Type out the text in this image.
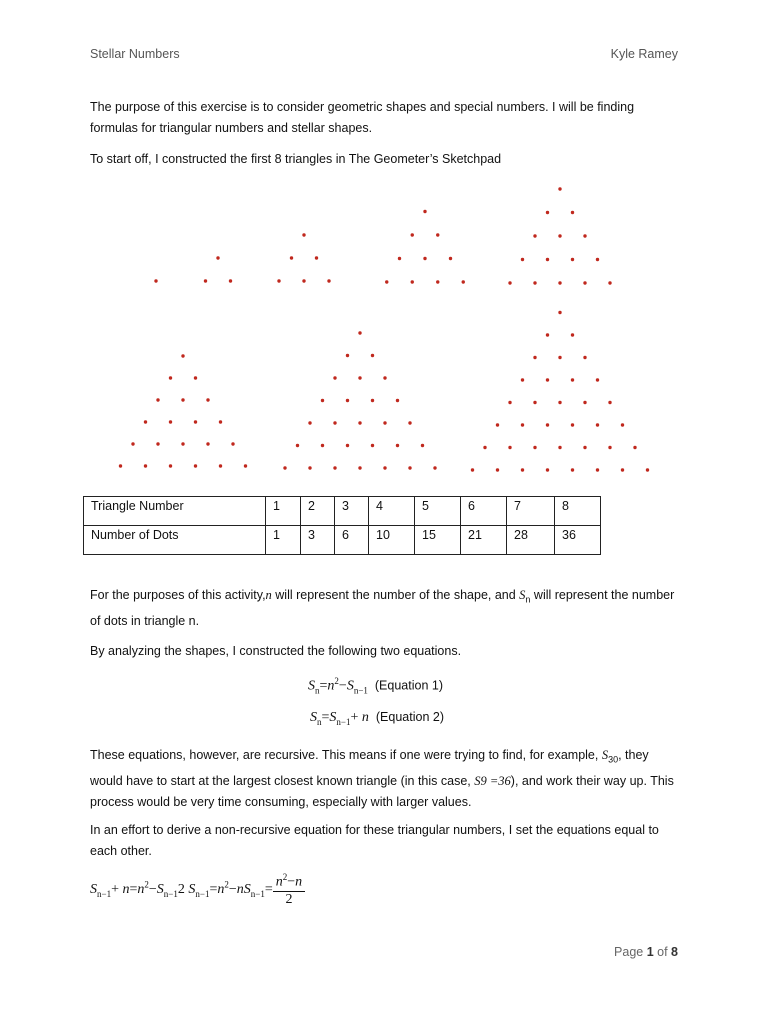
Stellar Numbers	Kyle Ramey
The purpose of this exercise is to consider geometric shapes and special numbers. I will be finding formulas for triangular numbers and stellar shapes.
To start off, I constructed the first 8 triangles in The Geometer’s Sketchpad
Triangle Number	1	2	3	4	5	6	7	8
Number of Dots	1	3	6	10	15	21	28	36
For the purposes of this activity,n will represent the number of the shape, and $S_n$ will represent the number of dots in triangle n.
By analyzing the shapes, I constructed the following two equations.
$S_n=n^2-S_{n-1}$ (Equation 1)
$S_n=S_{n-1}+ n$ (Equation 2)
These equations, however, are recursive. This means if one were trying to find, for example, $S_{30}$, they would have to start at the largest closest known triangle (in this case, S9 =36), and work their way up. This process would be very time consuming, especially with larger values.
In an effort to derive a non-recursive equation for these triangular numbers, I set the equations equal to each other.
$S_{n-1}+ n=n^2-S_{n-1}2$ $S_{n-1}=n^2-nS_{n-1}= \frac{n^2-n}{2}$
Page 1 of 8
